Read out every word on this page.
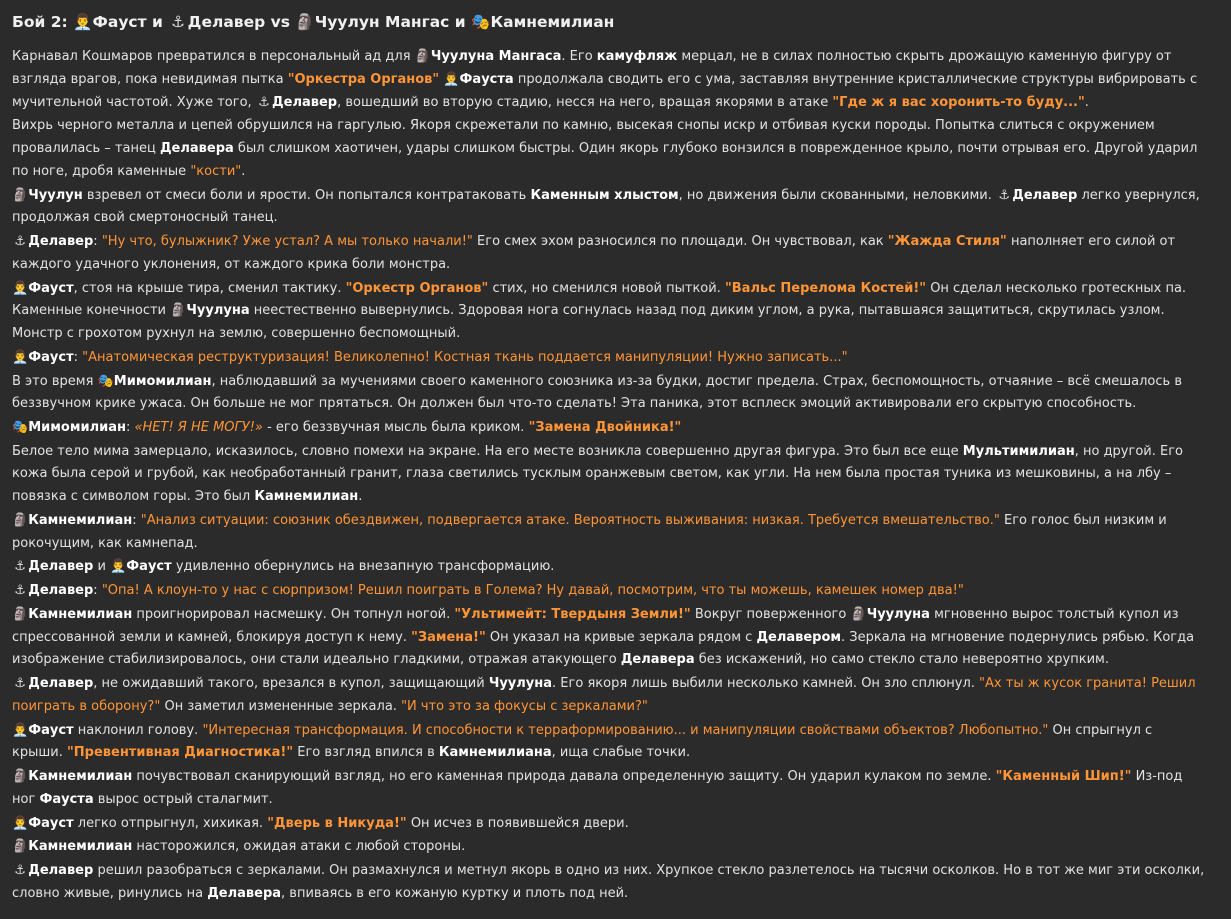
Бой 2: 👨‍💼Фауст и ⚓ Делавер vs 🗿Чуулун Мангас и 🎭Камнемилиан
Карнавал Кошмаров превратился в персональный ад для 🗿Чуулуна Мангаса. Его камуфляж мерцал, не в силах полностью скрыть дрожащую каменную фигуру от взгляда врагов, пока невидимая пытка "Оркестра Органов" 👨‍💼Фауста продолжала сводить его с ума, заставляя внутренние кристаллические структуры вибрировать с мучительной частотой. Хуже того, ⚓ Делавер, вошедший во вторую стадию, несся на него, вращая якорями в атаке "Где ж я вас хоронить-то буду...".
Вихрь черного металла и цепей обрушился на гаргулью. Якоря скрежетали по камню, высекая снопы искр и отбивая куски породы. Попытка слиться с окружением провалилась – танец Делавера был слишком хаотичен, удары слишком быстры. Один якорь глубоко вонзился в поврежденное крыло, почти отрывая его. Другой ударил по ноге, дробя каменные "кости".
🗿Чуулун взревел от смеси боли и ярости. Он попытался контратаковать Каменным хлыстом, но движения были скованными, неловкими. ⚓ Делавер легко увернулся, продолжая свой смертоносный танец.
⚓ Делавер: "Ну что, булыжник? Уже устал? А мы только начали!" Его смех эхом разносился по площади. Он чувствовал, как "Жажда Стиля" наполняет его силой от каждого удачного уклонения, от каждого крика боли монстра.
👨‍💼Фауст, стоя на крыше тира, сменил тактику. "Оркестр Органов" стих, но сменился новой пыткой. "Вальс Перелома Костей!" Он сделал несколько гротескных па. Каменные конечности 🗿Чуулуна неестественно вывернулись. Здоровая нога согнулась назад под диким углом, а рука, пытавшаяся защититься, скрутилась узлом. Монстр с грохотом рухнул на землю, совершенно беспомощный.
👨‍💼Фауст: "Анатомическая реструктуризация! Великолепно! Костная ткань поддается манипуляции! Нужно записать..."
В это время 🎭Мимомилиан, наблюдавший за мучениями своего каменного союзника из-за будки, достиг предела. Страх, беспомощность, отчаяние – всё смешалось в беззвучном крике ужаса. Он больше не мог прятаться. Он должен был что-то сделать! Эта паника, этот всплеск эмоций активировали его скрытую способность.
🎭Мимомилиан: «НЕТ! Я НЕ МОГУ!» - его беззвучная мысль была криком. "Замена Двойника!"
Белое тело мима замерцало, исказилось, словно помехи на экране. На его месте возникла совершенно другая фигура. Это был все еще Мультимилиан, но другой. Его кожа была серой и грубой, как необработанный гранит, глаза светились тусклым оранжевым светом, как угли. На нем была простая туника из мешковины, а на лбу – повязка с символом горы. Это был Камнемилиан.
🗿Камнемилиан: "Анализ ситуации: союзник обездвижен, подвергается атаке. Вероятность выживания: низкая. Требуется вмешательство." Его голос был низким и рокочущим, как камнепад.
⚓ Делавер и 👨‍💼Фауст удивленно обернулись на внезапную трансформацию.
⚓ Делавер: "Опа! А клоун-то у нас с сюрпризом! Решил поиграть в Голема? Ну давай, посмотрим, что ты можешь, камешек номер два!"
🗿Камнемилиан проигнорировал насмешку. Он топнул ногой. "Ультимейт: Твердыня Земли!" Вокруг поверженного 🗿Чуулуна мгновенно вырос толстый купол из спрессованной земли и камней, блокируя доступ к нему. "Замена!" Он указал на кривые зеркала рядом с Делавером. Зеркала на мгновение подернулись рябью. Когда изображение стабилизировалось, они стали идеально гладкими, отражая атакующего Делавера без искажений, но само стекло стало невероятно хрупким.
⚓ Делавер, не ожидавший такого, врезался в купол, защищающий Чуулуна. Его якоря лишь выбили несколько камней. Он зло сплюнул. "Ах ты ж кусок гранита! Решил поиграть в оборону?" Он заметил измененные зеркала. "И что это за фокусы с зеркалами?"
👨‍💼Фауст наклонил голову. "Интересная трансформация. И способности к терраформированию... и манипуляции свойствами объектов? Любопытно." Он спрыгнул с крыши. "Превентивная Диагностика!" Его взгляд впился в Камнемилиана, ища слабые точки.
🗿Камнемилиан почувствовал сканирующий взгляд, но его каменная природа давала определенную защиту. Он ударил кулаком по земле. "Каменный Шип!" Из-под ног Фауста вырос острый сталагмит.
👨‍💼Фауст легко отпрыгнул, хихикая. "Дверь в Никуда!" Он исчез в появившейся двери.
🗿Камнемилиан насторожился, ожидая атаки с любой стороны.
⚓ Делавер решил разобраться с зеркалами. Он размахнулся и метнул якорь в одно из них. Хрупкое стекло разлетелось на тысячи осколков. Но в тот же миг эти осколки, словно живые, ринулись на Делавера, впиваясь в его кожаную куртку и плоть под ней.
